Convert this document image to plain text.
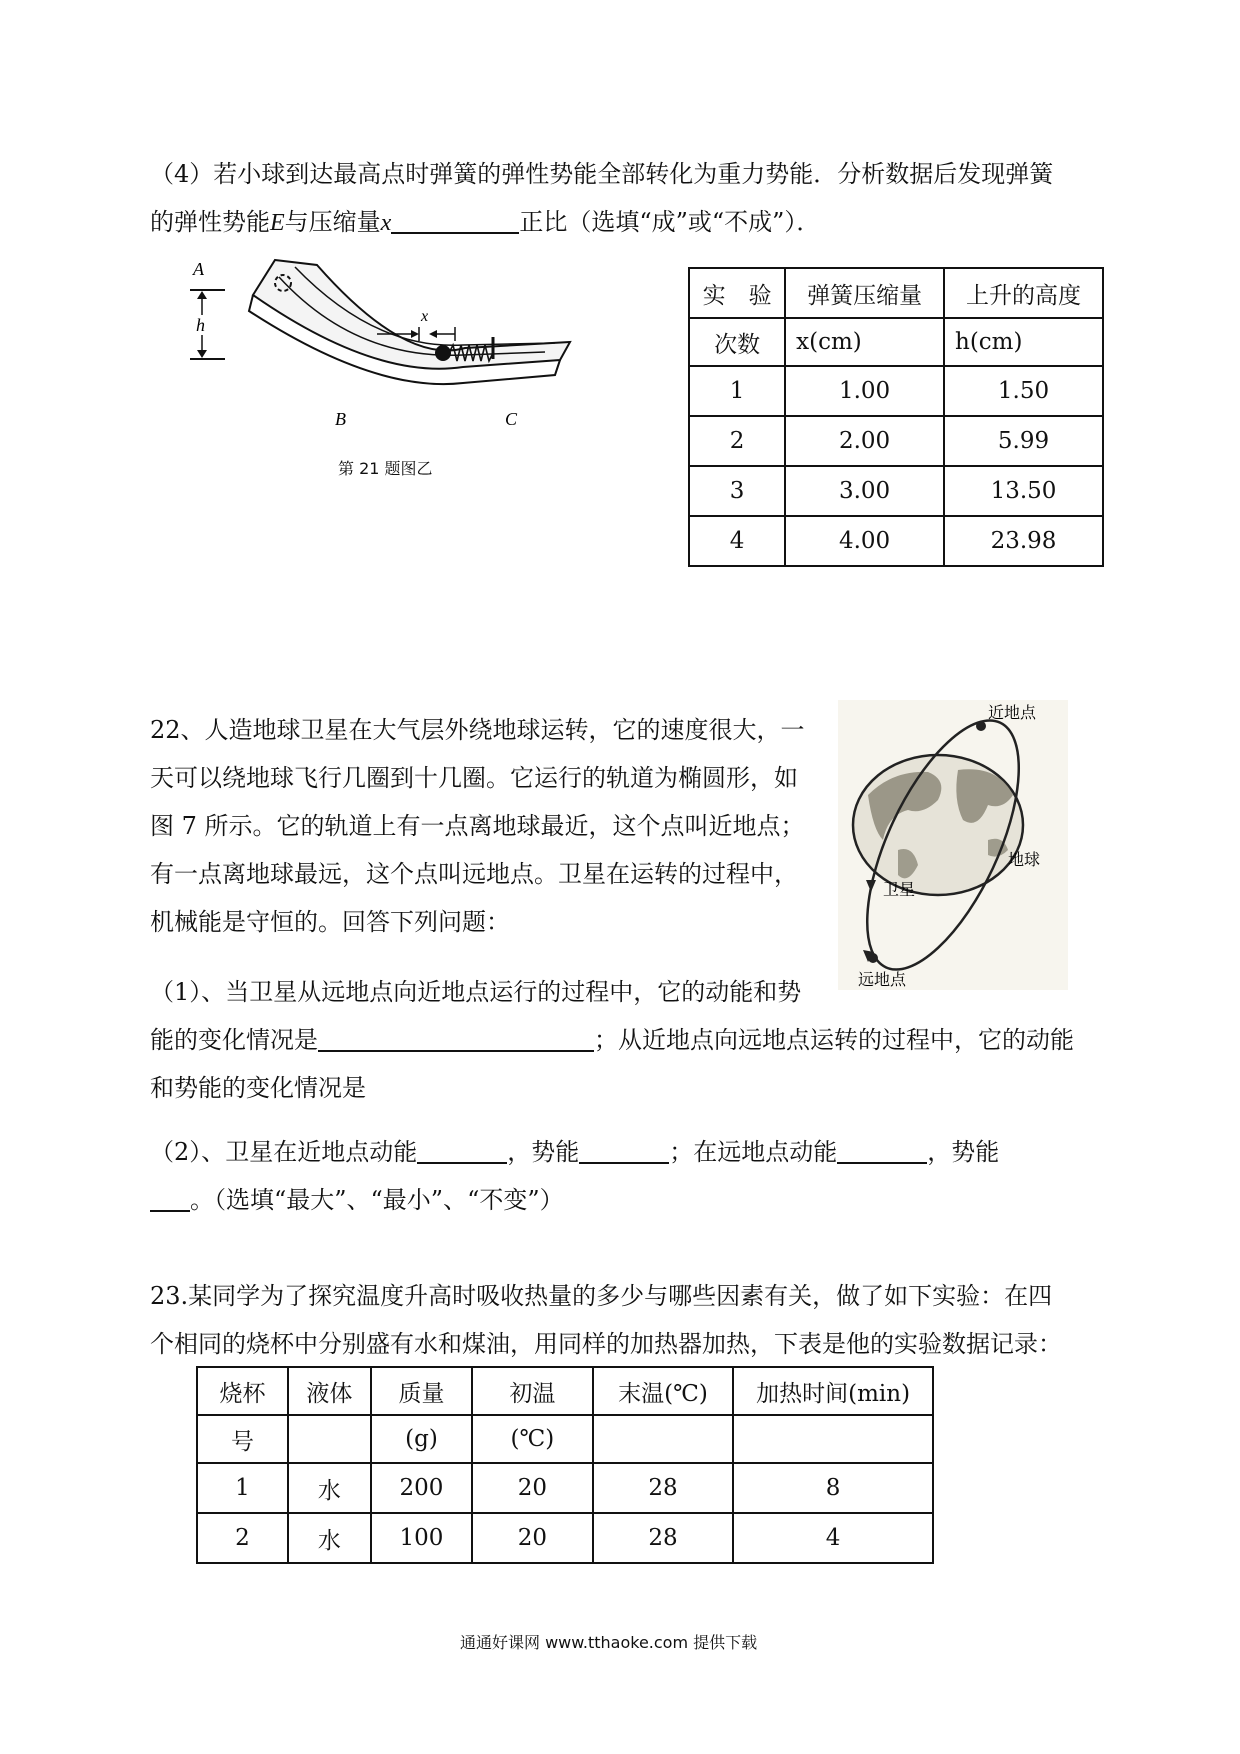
（4）若小球到达最高点时弹簧的弹性势能全部转化为重力势能．分析数据后发现弹簧
的弹性势能E与压缩量x	正比（选填“成”或“不成”）．
x
A
h
B	C
第 21 题图乙
实　验	弹簧压缩量	上升的高度
次数	x(cm)	h(cm)
1	1.00	1.50
2	2.00	5.99
3	3.00	13.50
4	4.00	23.98
22、人造地球卫星在大气层外绕地球运转，它的速度很大，一
天可以绕地球飞行几圈到十几圈。它运行的轨道为椭圆形，如
图 7 所示。它的轨道上有一点离地球最近，这个点叫近地点；
有一点离地球最远，这个点叫远地点。卫星在运转的过程中，
机械能是守恒的。回答下列问题：
近地点
地球
卫星
远地点
（1）、当卫星从远地点向近地点运行的过程中，它的动能和势
能的变化情况是	；从近地点向远地点运转的过程中，它的动能
和势能的变化情况是
（2）、卫星在近地点动能	，势能	；在远地点动能	，势能
。（选填“最大”、“最小”、“不变”）
23.某同学为了探究温度升高时吸收热量的多少与哪些因素有关，做了如下实验：在四
个相同的烧杯中分别盛有水和煤油，用同样的加热器加热，下表是他的实验数据记录：
烧杯	液体	质量	初温	末温(℃)	加热时间(min)
号		(g)	(℃)		
1	水	200	20	28	8
2	水	100	20	28	4
通通好课网 www.tthaoke.com 提供下载
